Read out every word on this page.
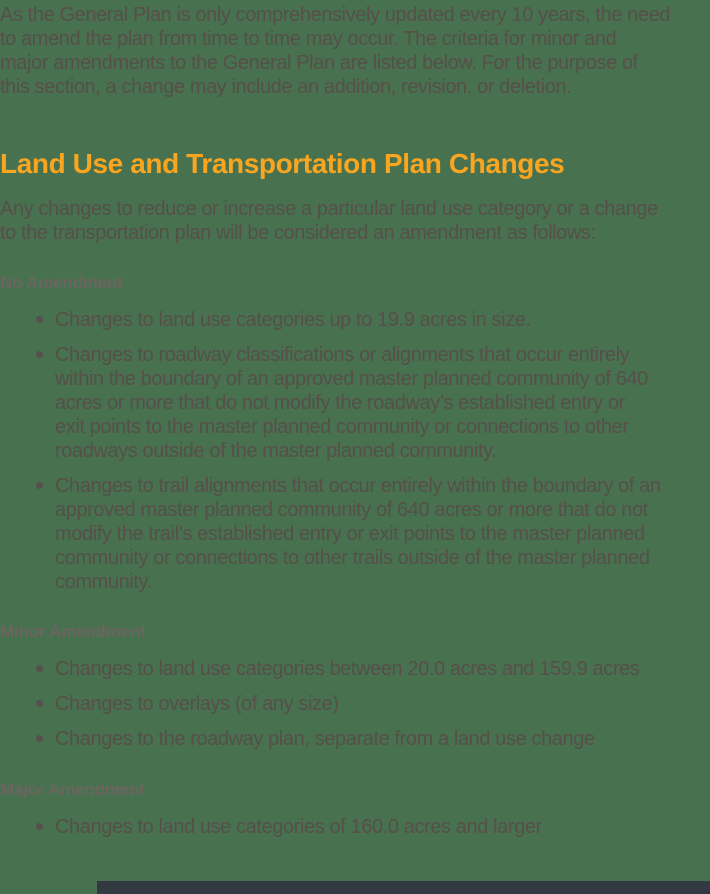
As the General Plan is only comprehensively updated every 10 years, the need
to amend the plan from time to time may occur. The criteria for minor and
major amendments to the General Plan are listed below. For the purpose of
this section, a change may include an addition, revision, or deletion.
Land Use and Transportation Plan Changes
Any changes to reduce or increase a particular land use category or a change
to the transportation plan will be considered an amendment as follows:
No Amendment
Changes to land use categories up to 19.9 acres in size.
Changes to roadway classifications or alignments that occur entirely
within the boundary of an approved master planned community of 640
acres or more that do not modify the roadway’s established entry or
exit points to the master planned community or connections to other
roadways outside of the master planned community.
Changes to trail alignments that occur entirely within the boundary of an
approved master planned community of 640 acres or more that do not
modify the trail’s established entry or exit points to the master planned
community or connections to other trails outside of the master planned
community.
Minor Amendment
Changes to land use categories between 20.0 acres and 159.9 acres
Changes to overlays (of any size)
Changes to the roadway plan, separate from a land use change
Major Amendment
Changes to land use categories of 160.0 acres and larger
